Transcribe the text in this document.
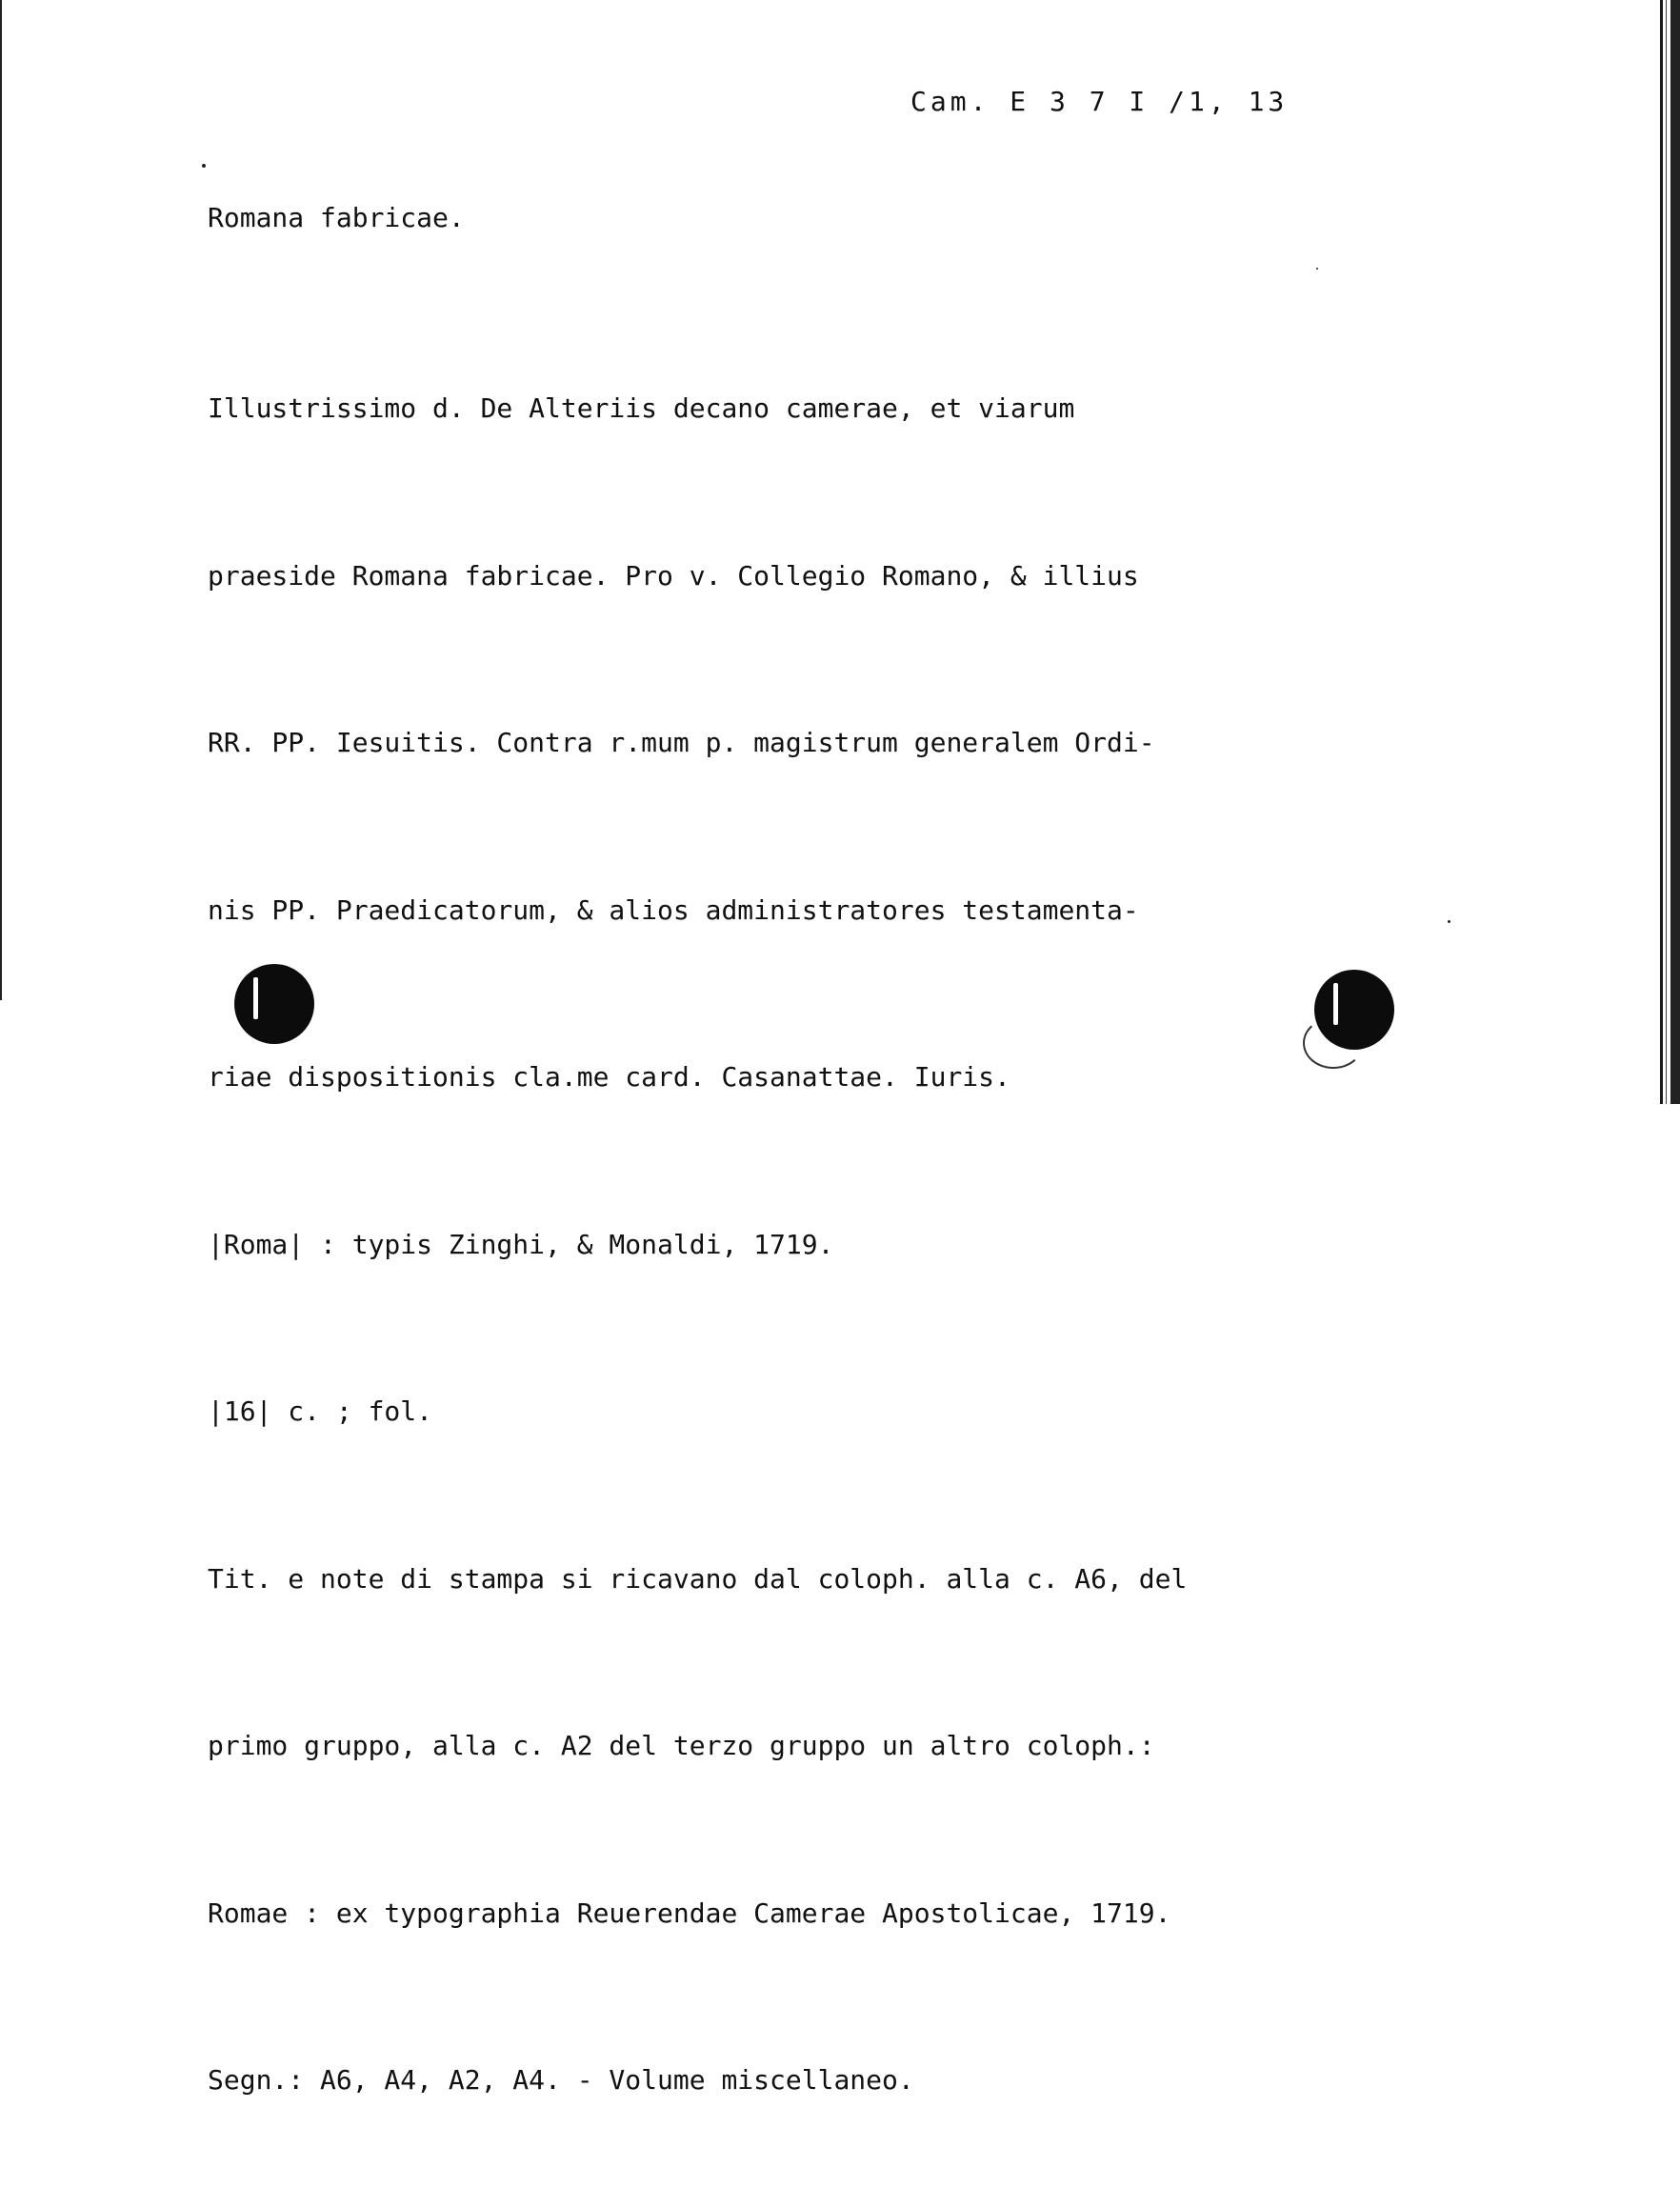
Cam. E 3 7 I /1, 13
Romana fabricae.

Illustrissimo d. De Alteriis decano camerae, et viarum

praeside Romana fabricae. Pro v. Collegio Romano, & illius

RR. PP. Iesuitis. Contra r.mum p. magistrum generalem Ordi-

nis PP. Praedicatorum, & alios administratores testamenta-

riae dispositionis cla.me card. Casanattae. Iuris.

|Roma| : typis Zinghi, & Monaldi, 1719.

|16| c. ; fol.

Tit. e note di stampa si ricavano dal coloph. alla c. A6, del

primo gruppo, alla c. A2 del terzo gruppo un altro coloph.:

Romae : ex typographia Reuerendae Camerae Apostolicae, 1719.

Segn.: A6, A4, A2, A4. - Volume miscellaneo.
